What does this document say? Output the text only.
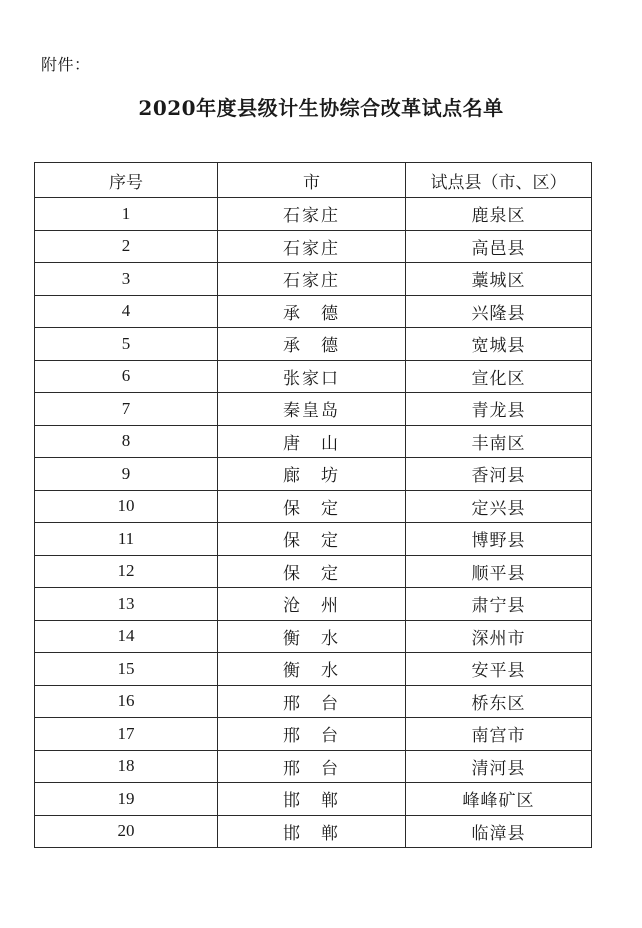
附件：
2020年度县级计生协综合改革试点名单
序号	市	试点县（市、区）
1	石家庄	鹿泉区
2	石家庄	高邑县
3	石家庄	藁城区
4	承　德	兴隆县
5	承　德	宽城县
6	张家口	宣化区
7	秦皇岛	青龙县
8	唐　山	丰南区
9	廊　坊	香河县
10	保　定	定兴县
11	保　定	博野县
12	保　定	顺平县
13	沧　州	肃宁县
14	衡　水	深州市
15	衡　水	安平县
16	邢　台	桥东区
17	邢　台	南宫市
18	邢　台	清河县
19	邯　郸	峰峰矿区
20	邯　郸	临漳县
